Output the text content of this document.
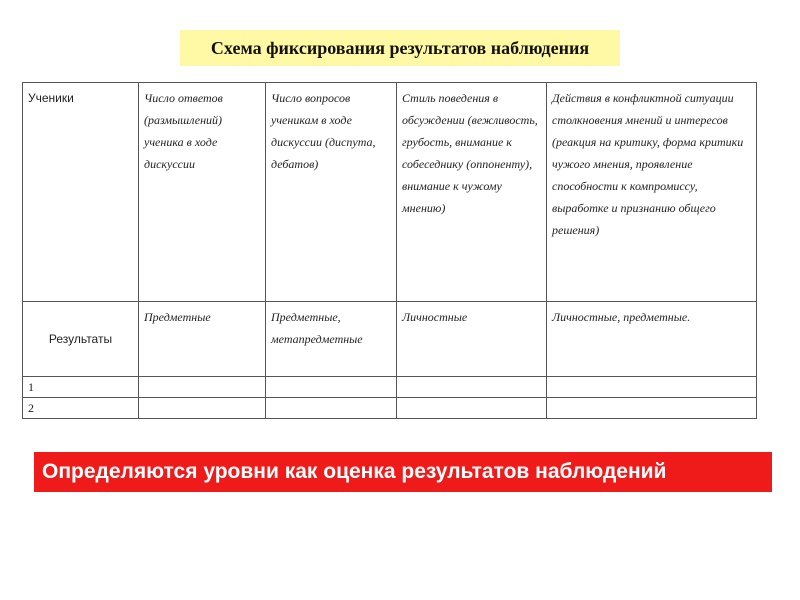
Схема фиксирования результатов наблюдения
Ученики	Число ответов (размышлений) ученика в ходе дискуссии	Число вопросов ученикам в ходе дискуссии (диспута, дебатов)	Стиль поведения в обсуждении (вежливость, грубость, внимание к собеседнику (оппоненту), внимание к чужому мнению)	Действия в конфликтной ситуации столкновения мнений и интересов (реакция на критику, форма критики чужого мнения, проявление способности к компромиссу, выработке и признанию общего решения)
Результаты	Предметные	Предметные, метапредметные	Личностные	Личностные, предметные.
1				
2				
Определяются уровни как оценка результатов наблюдений
